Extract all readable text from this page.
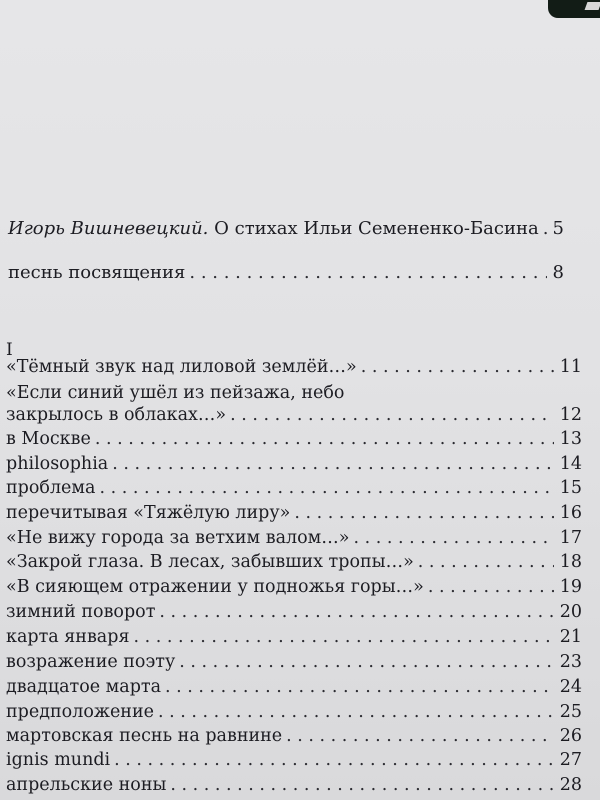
Игорь Вишневецкий. О стихах Ильи Семененко-Басина . . . 5
песнь посвящения . . .	8
I
«Тёмный звук над лиловой землёй…» . . .	11
«Если синий ушёл из пейзажа, небо
закрылось в облаках…» . . .	12
в Москве . . .	13
philosophia . . .	14
проблема . . .	15
перечитывая «Тяжёлую лиру» . . .	16
«Не вижу города за ветхим валом…» . . .	17
«Закрой глаза. В лесах, забывших тропы…» . . .	18
«В сияющем отражении у подножья горы…» . . .	19
зимний поворот . . .	20
карта января . . .	21
возражение поэту . . .	23
двадцатое марта . . .	24
предположение . . .	25
мартовская песнь на равнине . . .	26
ignis mundi . . .	27
апрельские ноны . . .	28
